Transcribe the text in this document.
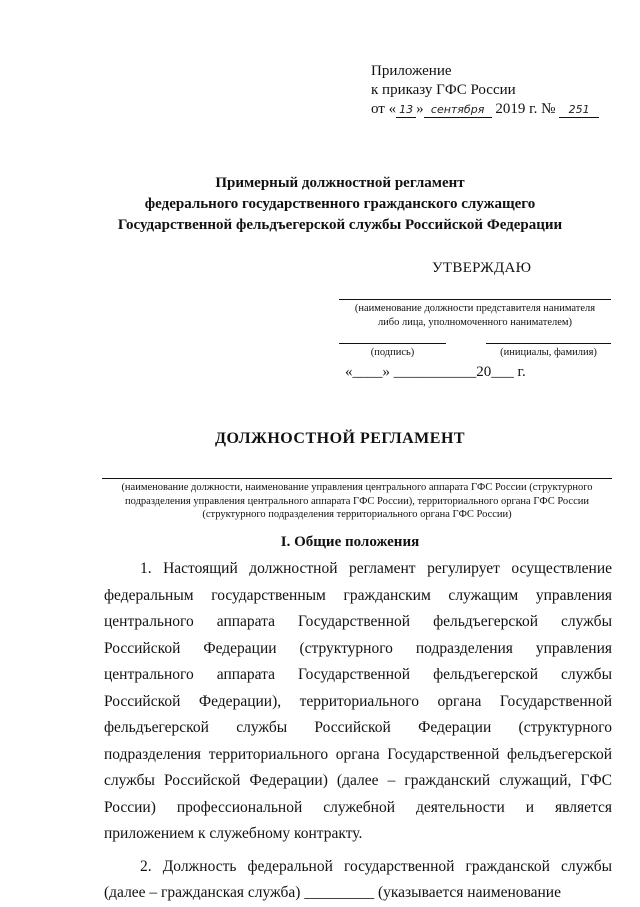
Приложение
к приказу ГФС России
от « 13 » сентября 2019 г. № 251
Примерный должностной регламент
федерального государственного гражданского служащего
Государственной фельдъегерской службы Российской Федерации
УТВЕРЖДАЮ
(наименование должности представителя нанимателя
либо лица, уполномоченного нанимателем)
(подпись)	(инициалы, фамилия)
«____» ___________20___ г.
ДОЛЖНОСТНОЙ РЕГЛАМЕНТ
(наименование должности, наименование управления центрального аппарата ГФС России (структурного подразделения управления центрального аппарата ГФС России), территориального органа ГФС России (структурного подразделения территориального органа ГФС России)
I. Общие положения

1. Настоящий должностной регламент регулирует осуществление федеральным государственным гражданским служащим управления центрального аппарата Государственной фельдъегерской службы Российской Федерации (структурного подразделения управления центрального аппарата Государственной фельдъегерской службы Российской Федерации), территориального органа Государственной фельдъегерской службы Российской Федерации (структурного подразделения территориального органа Государственной фельдъегерской службы Российской Федерации) (далее – гражданский служащий, ГФС России) профессиональной служебной деятельности и является приложением к служебному контракту.

2. Должность федеральной государственной гражданской службы (далее – гражданская служба) _________ (указывается наименование
